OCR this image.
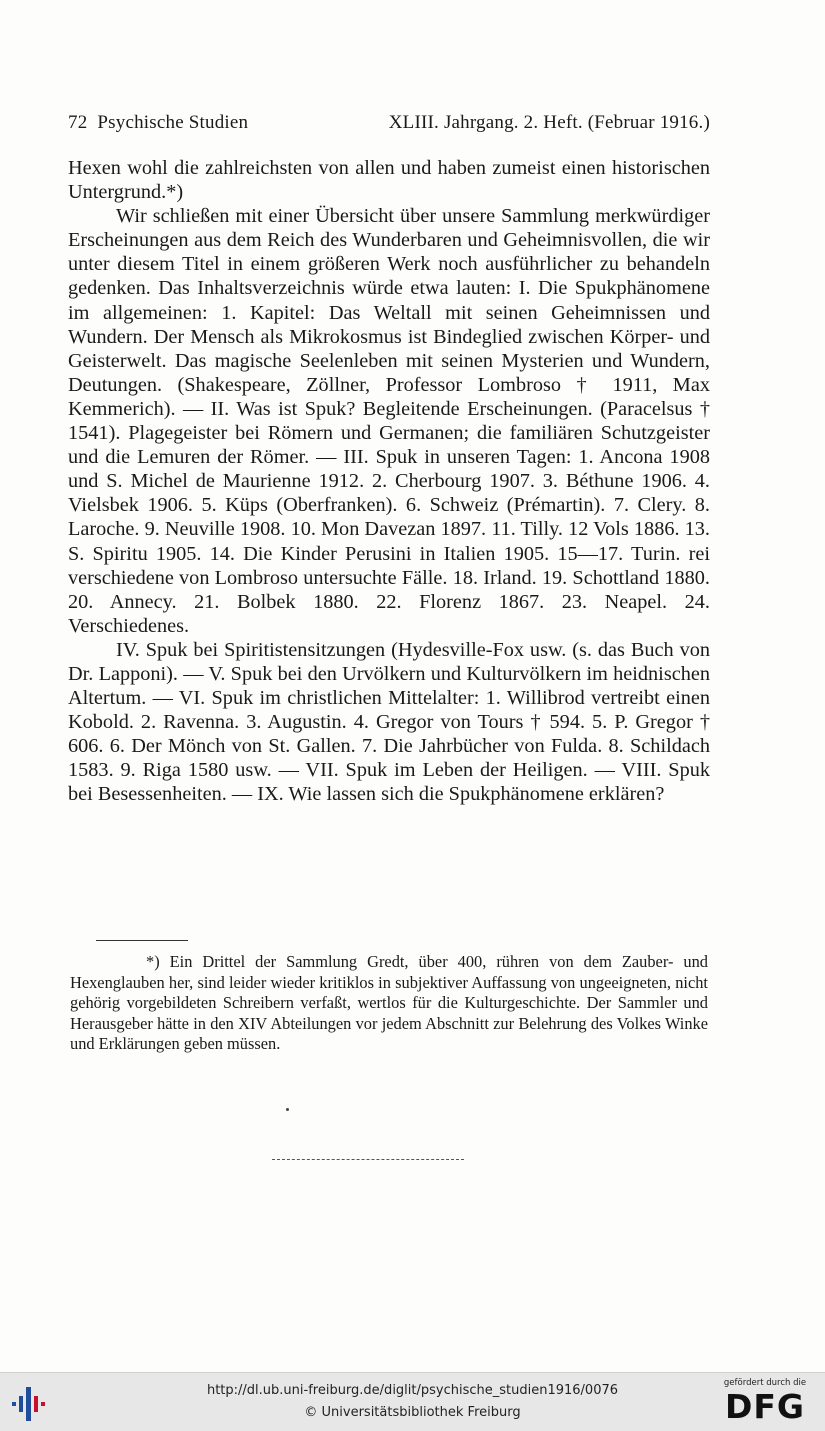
72 Psychische Studien	XLIII. Jahrgang. 2. Heft. (Februar 1916.)

Hexen wohl die zahlreichsten von allen und haben zumeist einen historischen Untergrund.*)

Wir schließen mit einer Übersicht über unsere Sammlung merkwürdiger Erscheinungen aus dem Reich des Wunderbaren und Geheimnisvollen, die wir unter diesem Titel in einem größeren Werk noch ausführlicher zu behandeln gedenken. Das Inhaltsverzeichnis würde etwa lauten: I. Die Spukphänomene im allgemeinen: 1. Kapitel: Das Weltall mit seinen Geheimnissen und Wundern. Der Mensch als Mikrokosmus ist Bindeglied zwischen Körper- und Geisterwelt. Das magische Seelenleben mit seinen Mysterien und Wundern, Deutungen. (Shakespeare, Zöllner, Professor Lombroso † 1911, Max Kemmerich). — II. Was ist Spuk? Begleitende Erscheinungen. (Paracelsus † 1541). Plagegeister bei Römern und Germanen; die familiären Schutzgeister und die Lemuren der Römer. — III. Spuk in unseren Tagen: 1. Ancona 1908 und S. Michel de Maurienne 1912. 2. Cherbourg 1907. 3. Béthune 1906. 4. Vielsbek 1906. 5. Küps (Oberfranken). 6. Schweiz (Prémartin). 7. Clery. 8. Laroche. 9. Neuville 1908. 10. Mon Davezan 1897. 11. Tilly. 12 Vols 1886. 13. S. Spiritu 1905. 14. Die Kinder Perusini in Italien 1905. 15—17. Turin. rei verschiedene von Lombroso untersuchte Fälle. 18. Irland. 19. Schottland 1880. 20. Annecy. 21. Bolbek 1880. 22. Florenz 1867. 23. Neapel. 24. Verschiedenes.

IV. Spuk bei Spiritistensitzungen (Hydesville-Fox usw. (s. das Buch von Dr. Lapponi). — V. Spuk bei den Urvölkern und Kulturvölkern im heidnischen Altertum. — VI. Spuk im christlichen Mittelalter: 1. Willibrod vertreibt einen Kobold. 2. Ravenna. 3. Augustin. 4. Gregor von Tours † 594. 5. P. Gregor † 606. 6. Der Mönch von St. Gallen. 7. Die Jahrbücher von Fulda. 8. Schildach 1583. 9. Riga 1580 usw. — VII. Spuk im Leben der Heiligen. — VIII. Spuk bei Besessenheiten. — IX. Wie lassen sich die Spukphänomene erklären?

*) Ein Drittel der Sammlung Gredt, über 400, rühren von dem Zauber- und Hexenglauben her, sind leider wieder kritiklos in subjektiver Auffassung von ungeeigneten, nicht gehörig vorgebildeten Schreibern verfaßt, wertlos für die Kulturgeschichte. Der Sammler und Herausgeber hätte in den XIV Abteilungen vor jedem Abschnitt zur Belehrung des Volkes Winke und Erklärungen geben müssen.
http://dl.ub.uni-freiburg.de/diglit/psychische_studien1916/0076
© Universitätsbibliothek Freiburg
gefördert durch die
DFG
